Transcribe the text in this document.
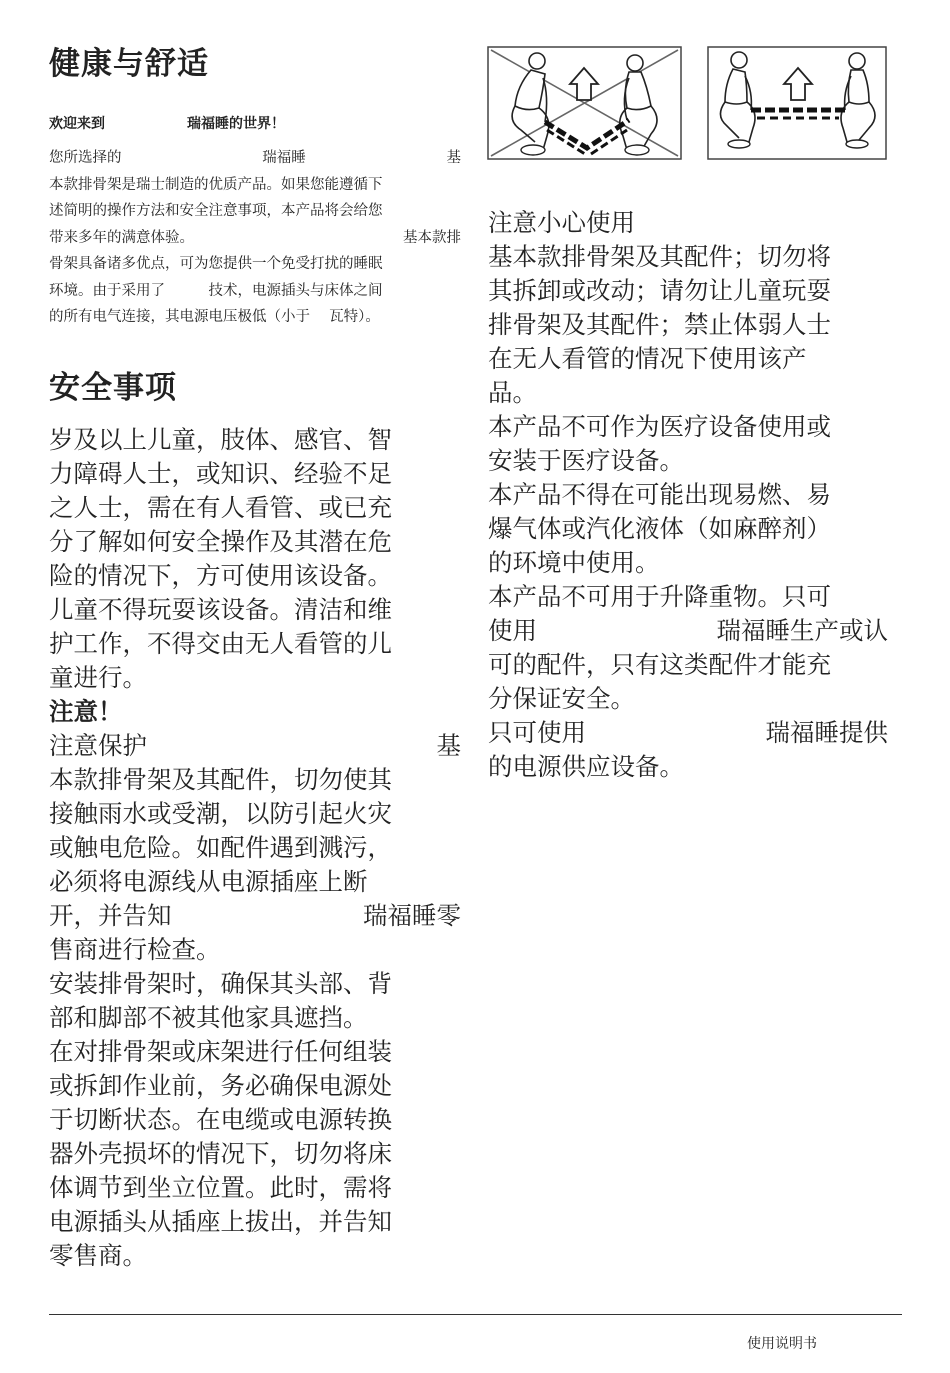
健康与舒适
欢迎来到	瑞福睡的世界！
您所选择的	瑞福睡	基
本款排骨架是瑞士制造的优质产品。如果您能遵循下
述简明的操作方法和安全注意事项，本产品将会给您
带来多年的满意体验。	基本款排
骨架具备诸多优点，可为您提供一个免受打扰的睡眠
环境。由于采用了　　　技术，电源插头与床体之间
的所有电气连接，其电源电压极低（小于　 瓦特）。
安全事项
岁及以上儿童，肢体、感官、智
力障碍人士，或知识、经验不足
之人士，需在有人看管、或已充
分了解如何安全操作及其潜在危
险的情况下，方可使用该设备。
儿童不得玩耍该设备。清洁和维
护工作，不得交由无人看管的儿
童进行。
注意！
注意保护	基
本款排骨架及其配件，切勿使其
接触雨水或受潮，以防引起火灾
或触电危险。如配件遇到溅污，
必须将电源线从电源插座上断
开，并告知	瑞福睡零
售商进行检查。
安装排骨架时，确保其头部、背
部和脚部不被其他家具遮挡。
在对排骨架或床架进行任何组装
或拆卸作业前，务必确保电源处
于切断状态。在电缆或电源转换
器外壳损坏的情况下，切勿将床
体调节到坐立位置。此时，需将
电源插头从插座上拔出，并告知
零售商。
注意小心使用
基本款排骨架及其配件；切勿将
其拆卸或改动；请勿让儿童玩耍
排骨架及其配件；禁止体弱人士
在无人看管的情况下使用该产
品。
本产品不可作为医疗设备使用或
安装于医疗设备。
本产品不得在可能出现易燃、易
爆气体或汽化液体（如麻醉剂）
的环境中使用。
本产品不可用于升降重物。只可
使用	瑞福睡生产或认
可的配件，只有这类配件才能充
分保证安全。
只可使用	瑞福睡提供
的电源供应设备。
使用说明书
